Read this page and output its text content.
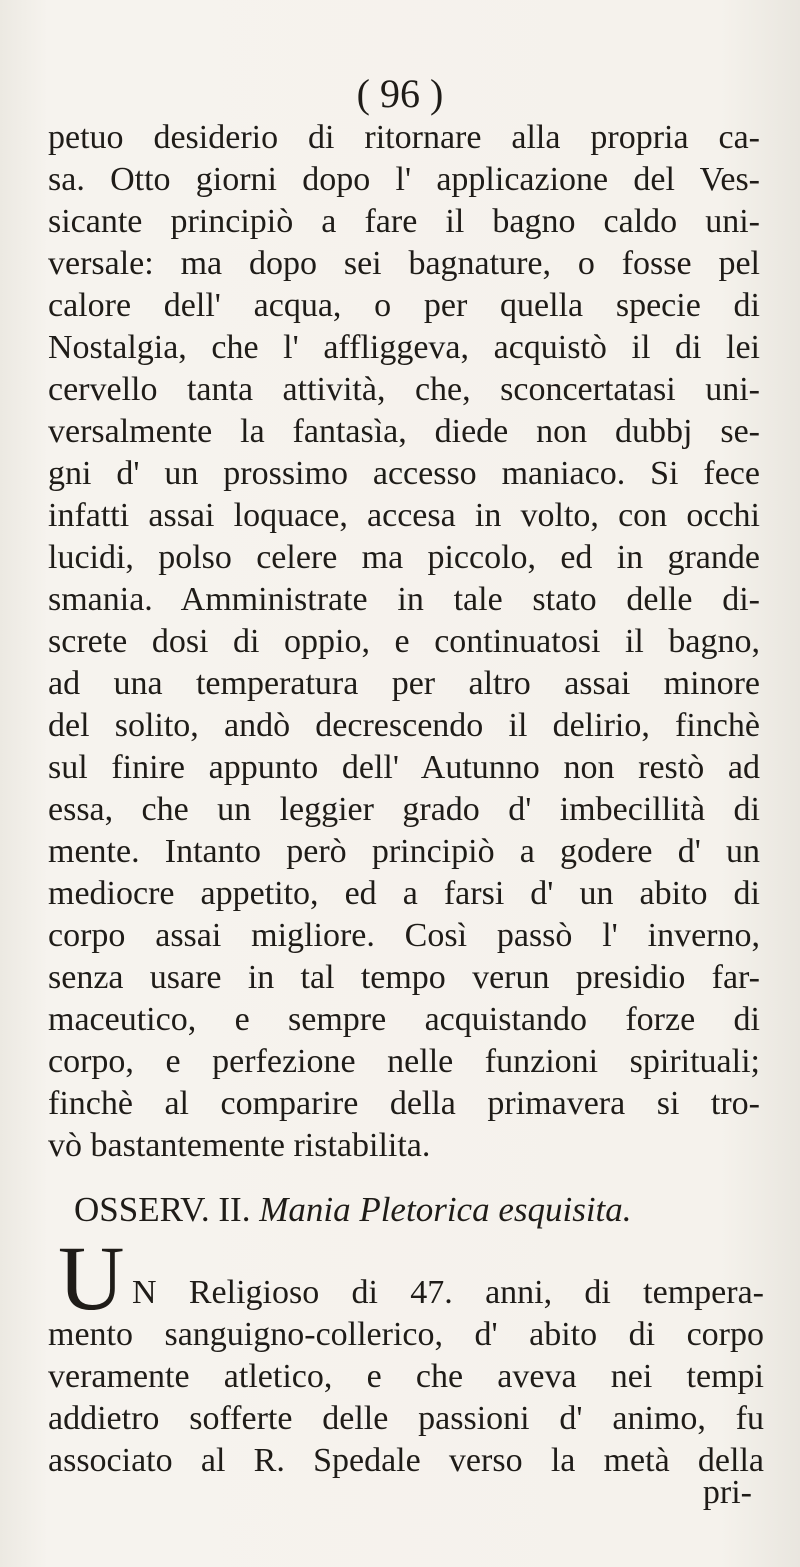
( 96 )
petuo desiderio di ritornare alla propria ca-
sa. Otto giorni dopo l' applicazione del Ves-
sicante principiò a fare il bagno caldo uni-
versale: ma dopo sei bagnature, o fosse pel
calore dell' acqua, o per quella specie di
Nostalgia, che l' affliggeva, acquistò il di lei
cervello tanta attività, che, sconcertatasi uni-
versalmente la fantasìa, diede non dubbj se-
gni d' un prossimo accesso maniaco. Si fece
infatti assai loquace, accesa in volto, con occhi
lucidi, polso celere ma piccolo, ed in grande
smania. Amministrate in tale stato delle di-
screte dosi di oppio, e continuatosi il bagno,
ad una temperatura per altro assai minore
del solito, andò decrescendo il delirio, finchè
sul finire appunto dell' Autunno non restò ad
essa, che un leggier grado d' imbecillità di
mente. Intanto però principiò a godere d' un
mediocre appetito, ed a farsi d' un abito di
corpo assai migliore. Così passò l' inverno,
senza usare in tal tempo verun presidio far-
maceutico, e sempre acquistando forze di
corpo, e perfezione nelle funzioni spirituali;
finchè al comparire della primavera si tro-
vò bastantemente ristabilita.
OSSERV. II. Mania Pletorica esquisita.
U N Religioso di 47. anni, di tempera-
mento sanguigno-collerico, d' abito di corpo
veramente atletico, e che aveva nei tempi
addietro sofferte delle passioni d' animo, fu
associato al R. Spedale verso la metà della
pri-
